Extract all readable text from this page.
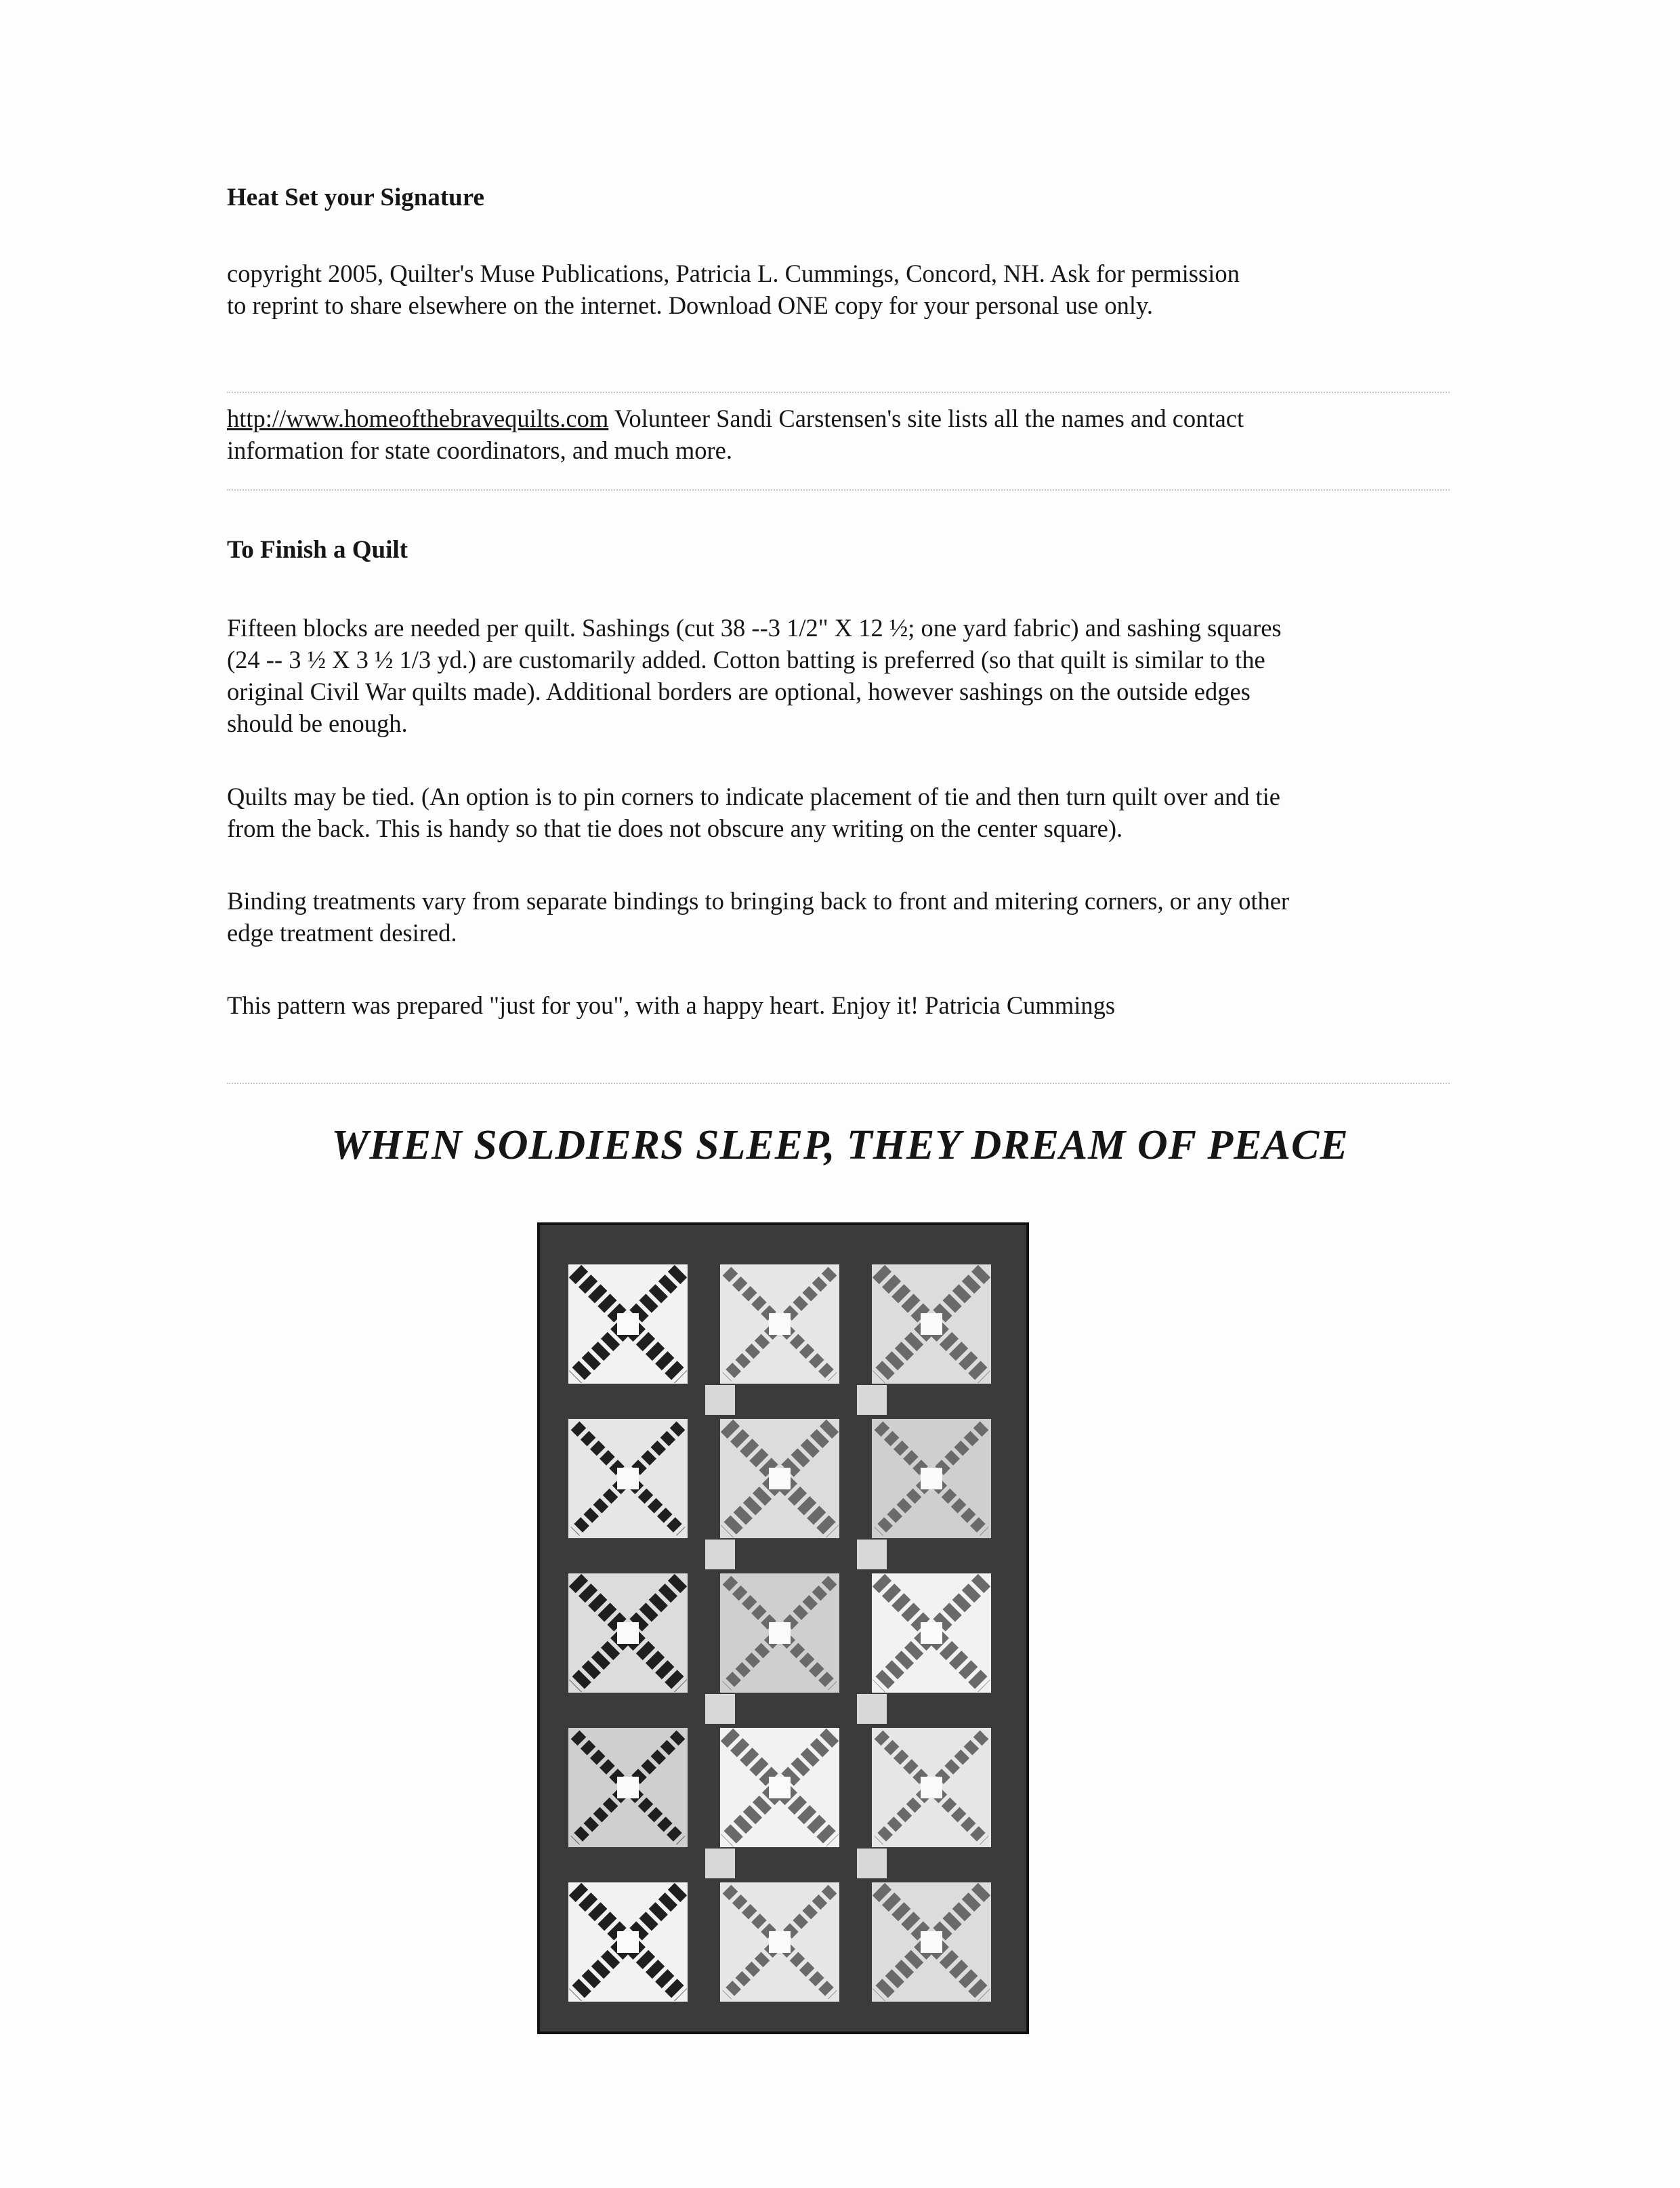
Heat Set your Signature
copyright 2005, Quilter's Muse Publications, Patricia L. Cummings, Concord, NH. Ask for permission
to reprint to share elsewhere on the internet. Download ONE copy for your personal use only.
http://www.homeofthebravequilts.com Volunteer Sandi Carstensen's site lists all the names and contact
information for state coordinators, and much more.
To Finish a Quilt
Fifteen blocks are needed per quilt. Sashings (cut 38 --3 1/2" X 12 ½; one yard fabric) and sashing squares
(24 -- 3 ½ X 3 ½ 1/3 yd.) are customarily added. Cotton batting is preferred (so that quilt is similar to the
original Civil War quilts made). Additional borders are optional, however sashings on the outside edges
should be enough.
Quilts may be tied. (An option is to pin corners to indicate placement of tie and then turn quilt over and tie
from the back. This is handy so that tie does not obscure any writing on the center square).
Binding treatments vary from separate bindings to bringing back to front and mitering corners, or any other
edge treatment desired.
This pattern was prepared "just for you", with a happy heart. Enjoy it! Patricia Cummings
WHEN SOLDIERS SLEEP, THEY DREAM OF PEACE
